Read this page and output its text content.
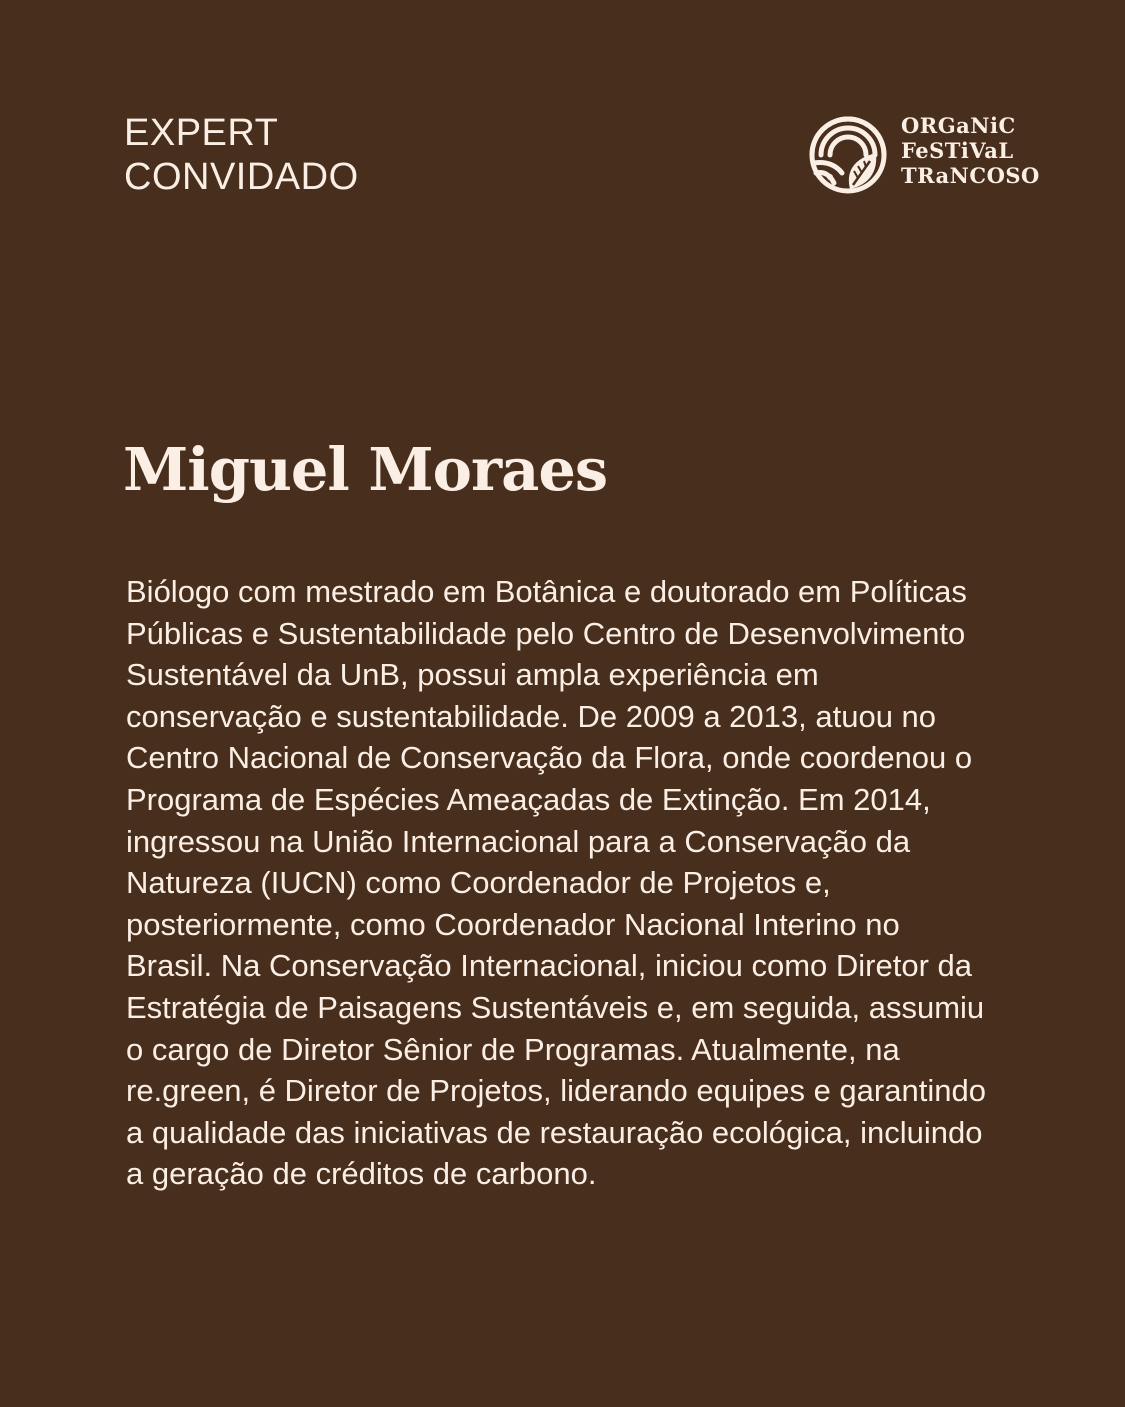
EXPERT
CONVIDADO
ORGaNiC
FeSTiVaL
TRaNCOSO
Miguel Moraes

Biólogo com mestrado em Botânica e doutorado em Políticas Públicas e Sustentabilidade pelo Centro de Desenvolvimento Sustentável da UnB, possui ampla experiência em conservação e sustentabilidade. De 2009 a 2013, atuou no Centro Nacional de Conservação da Flora, onde coordenou o Programa de Espécies Ameaçadas de Extinção. Em 2014, ingressou na União Internacional para a Conservação da Natureza (IUCN) como Coordenador de Projetos e, posteriormente, como Coordenador Nacional Interino no Brasil. Na Conservação Internacional, iniciou como Diretor da Estratégia de Paisagens Sustentáveis e, em seguida, assumiu o cargo de Diretor Sênior de Programas. Atualmente, na re.green, é Diretor de Projetos, liderando equipes e garantindo a qualidade das iniciativas de restauração ecológica, incluindo a geração de créditos de carbono.
